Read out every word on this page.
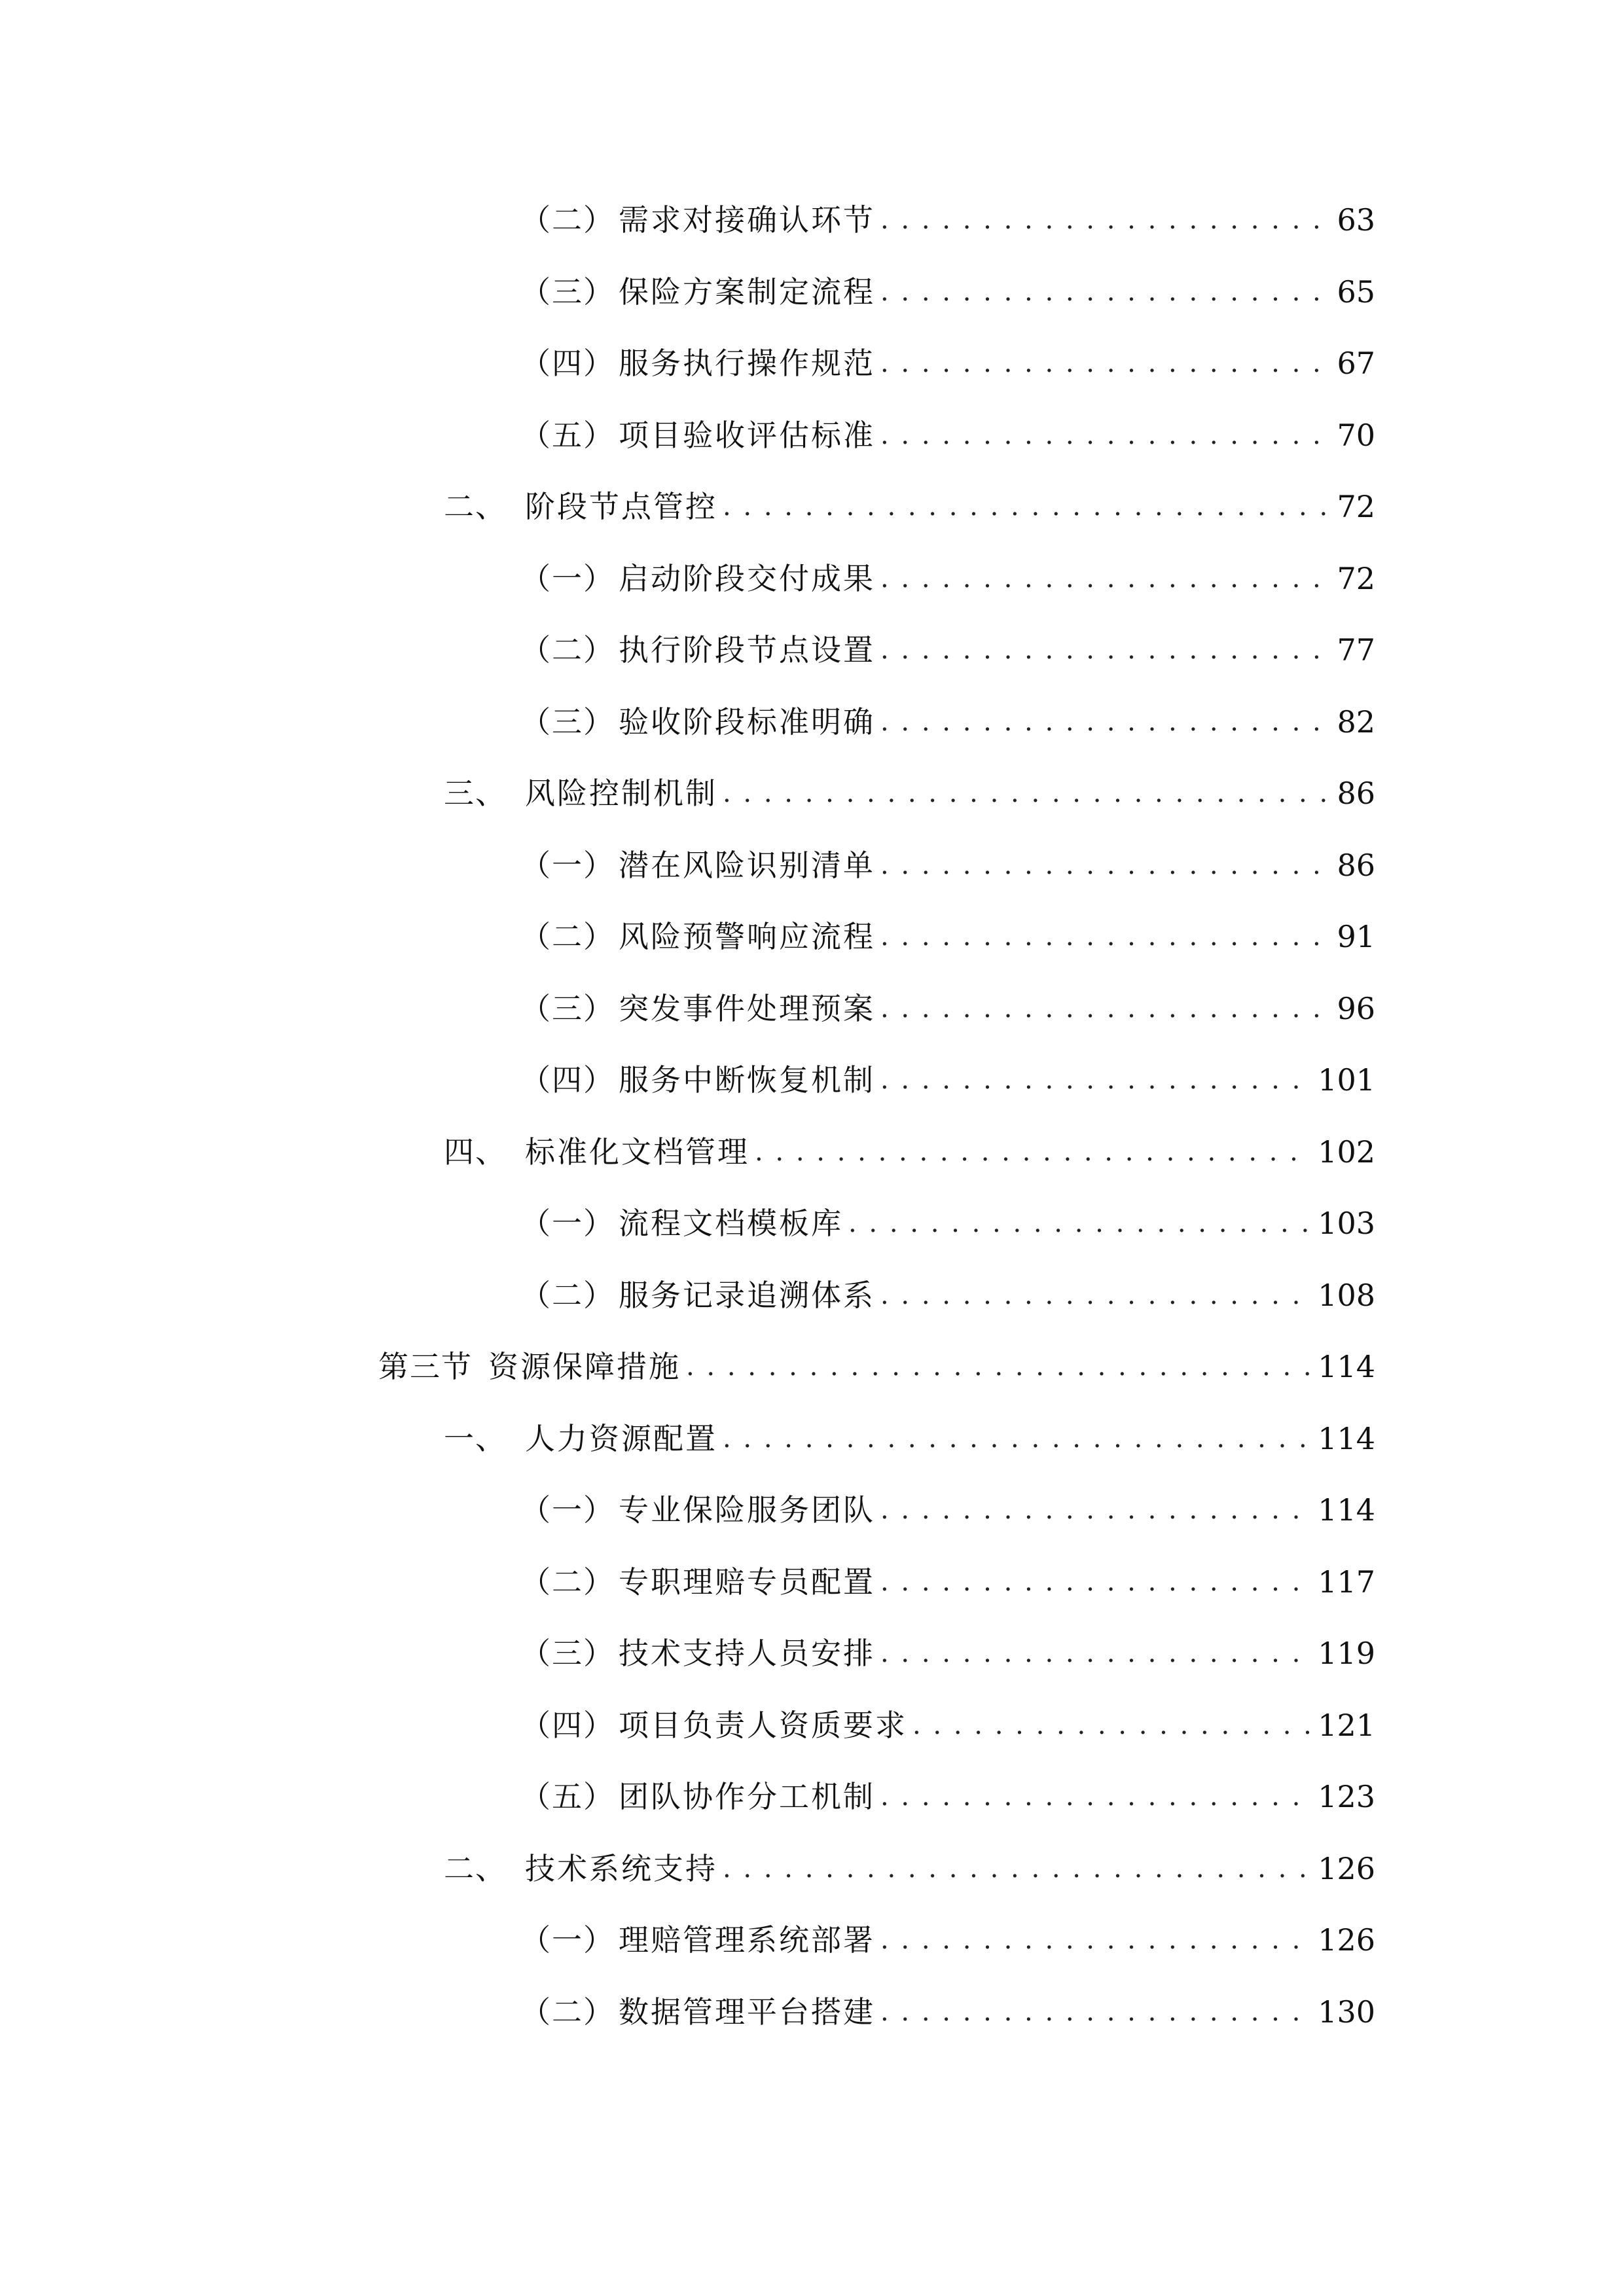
（二） 需求对接确认环节 . . .	63
（三） 保险方案制定流程 . . .	65
（四） 服务执行操作规范 . . .	67
（五） 项目验收评估标准 . . .	70
二、 阶段节点管控 . . .	72
（一） 启动阶段交付成果 . . .	72
（二） 执行阶段节点设置 . . .	77
（三） 验收阶段标准明确 . . .	82
三、 风险控制机制 . . .	86
（一） 潜在风险识别清单 . . .	86
（二） 风险预警响应流程 . . .	91
（三） 突发事件处理预案 . . .	96
（四） 服务中断恢复机制 . . .	101
四、 标准化文档管理 . . .	102
（一） 流程文档模板库 . . .	103
（二） 服务记录追溯体系 . . .	108
第三节 资源保障措施 . . .	114
一、 人力资源配置 . . .	114
（一） 专业保险服务团队 . . .	114
（二） 专职理赔专员配置 . . .	117
（三） 技术支持人员安排 . . .	119
（四） 项目负责人资质要求 . . .	121
（五） 团队协作分工机制 . . .	123
二、 技术系统支持 . . .	126
（一） 理赔管理系统部署 . . .	126
（二） 数据管理平台搭建 . . .	130
